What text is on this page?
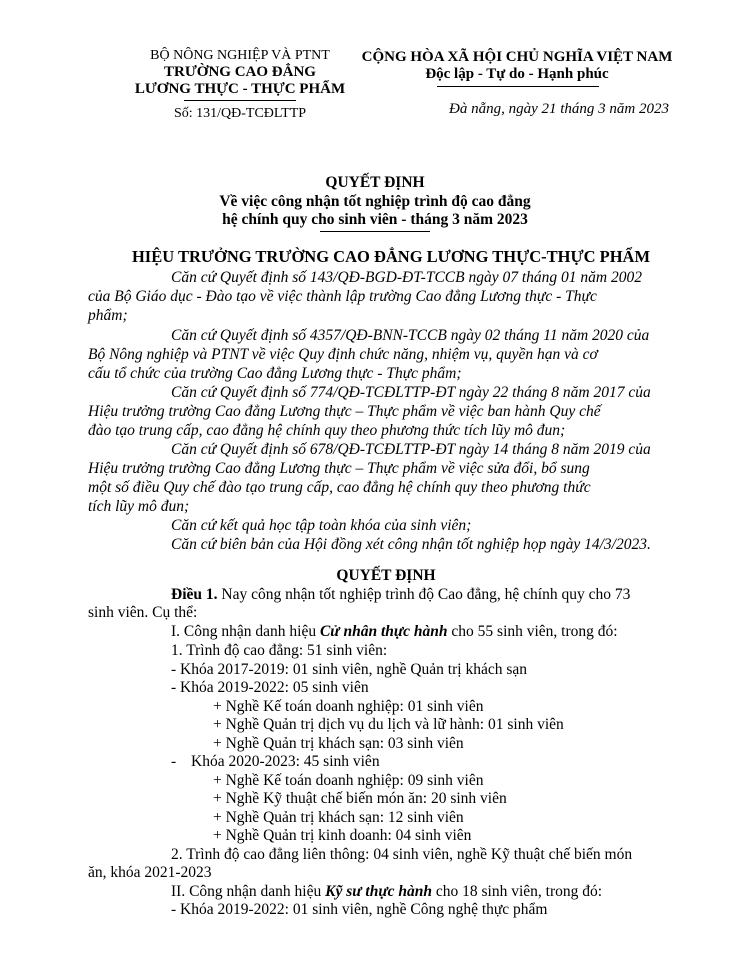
BỘ NÔNG NGHIỆP VÀ PTNT
TRƯỜNG CAO ĐẲNG
LƯƠNG THỰC - THỰC PHẨM
Số: 131/QĐ-TCĐLTTP
CỘNG HÒA XÃ HỘI CHỦ NGHĨA VIỆT NAM
Độc lập - Tự do - Hạnh phúc
Đà nẵng, ngày 21 tháng 3 năm 2023
QUYẾT ĐỊNH
Về việc công nhận tốt nghiệp trình độ cao đẳng
hệ chính quy cho sinh viên - tháng 3 năm 2023
HIỆU TRƯỞNG TRƯỜNG CAO ĐẲNG LƯƠNG THỰC-THỰC PHẨM
Căn cứ Quyết định số 143/QĐ-BGD-ĐT-TCCB ngày 07 tháng 01 năm 2002
của Bộ Giáo dục - Đào tạo về việc thành lập trường Cao đẳng Lương thực - Thực
phẩm;
Căn cứ Quyết định số 4357/QĐ-BNN-TCCB ngày 02 tháng 11 năm 2020 của
Bộ Nông nghiệp và PTNT về việc Quy định chức năng, nhiệm vụ, quyền hạn và cơ
cấu tổ chức của trường Cao đẳng Lương thực - Thực phẩm;
Căn cứ Quyết định số 774/QĐ-TCĐLTTP-ĐT ngày 22 tháng 8 năm 2017 của
Hiệu trưởng trường Cao đẳng Lương thực – Thực phẩm về việc ban hành Quy chế
đào tạo trung cấp, cao đẳng hệ chính quy theo phương thức tích lũy mô đun;
Căn cứ Quyết định số 678/QĐ-TCĐLTTP-ĐT ngày 14 tháng 8 năm 2019 của
Hiệu trưởng trường Cao đẳng Lương thực – Thực phẩm về việc sửa đổi, bổ sung
một số điều Quy chế đào tạo trung cấp, cao đẳng hệ chính quy theo phương thức
tích lũy mô đun;
Căn cứ kết quả học tập toàn khóa của sinh viên;
Căn cứ biên bản của Hội đồng xét công nhận tốt nghiệp họp ngày 14/3/2023.
QUYẾT ĐỊNH
Điều 1. Nay công nhận tốt nghiệp trình độ Cao đẳng, hệ chính quy cho 73
sinh viên. Cụ thể:
I. Công nhận danh hiệu Cử nhân thực hành cho 55 sinh viên, trong đó:
1. Trình độ cao đẳng: 51 sinh viên:
- Khóa 2017-2019: 01 sinh viên, nghề Quản trị khách sạn
- Khóa 2019-2022: 05 sinh viên
+ Nghề Kế toán doanh nghiệp: 01 sinh viên
+ Nghề Quản trị dịch vụ du lịch và lữ hành: 01 sinh viên
+ Nghề Quản trị khách sạn: 03 sinh viên
- Khóa 2020-2023: 45 sinh viên
+ Nghề Kế toán doanh nghiệp: 09 sinh viên
+ Nghề Kỹ thuật chế biến món ăn: 20 sinh viên
+ Nghề Quản trị khách sạn: 12 sinh viên
+ Nghề Quản trị kinh doanh: 04 sinh viên
2. Trình độ cao đẳng liên thông: 04 sinh viên, nghề Kỹ thuật chế biến món
ăn, khóa 2021-2023
II. Công nhận danh hiệu Kỹ sư thực hành cho 18 sinh viên, trong đó:
- Khóa 2019-2022: 01 sinh viên, nghề Công nghệ thực phẩm
